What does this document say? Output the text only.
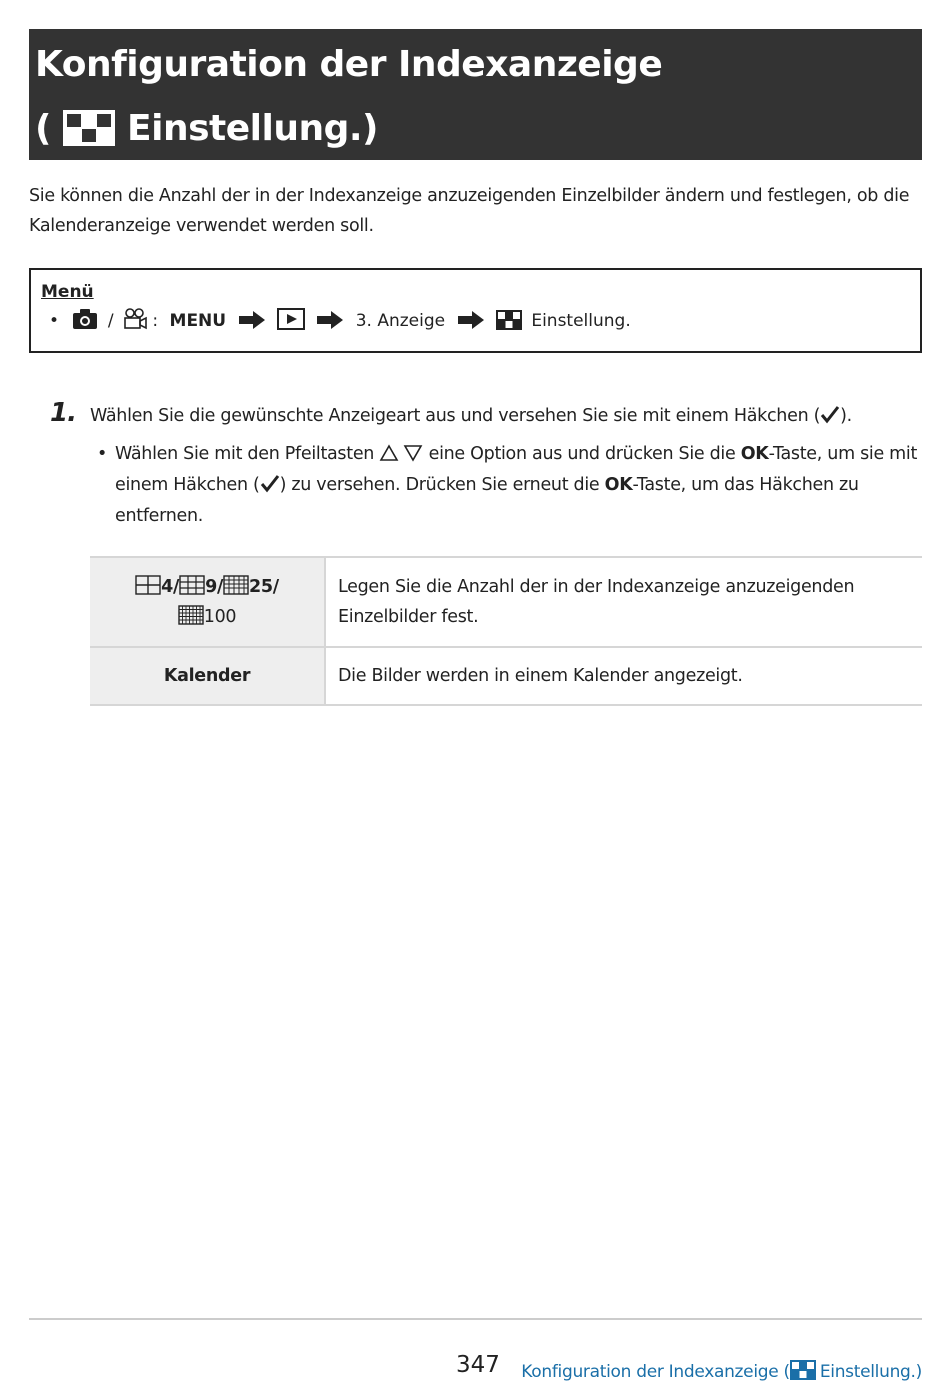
Konfiguration der Indexanzeige
( Einstellung.)
Sie können die Anzahl der in der Indexanzeige anzuzeigenden Einzelbilder ändern und festlegen, ob die Kalenderanzeige verwendet werden soll.
Menü
•	/ : MENU	3. Anzeige	Einstellung.
1. Wählen Sie die gewünschte Anzeigeart aus und versehen Sie sie mit einem Häkchen ( ).
• Wählen Sie mit den Pfeiltasten	eine Option aus und drücken Sie die OK-Taste, um sie mit einem Häkchen ( ) zu versehen. Drücken Sie erneut die OK-Taste, um das Häkchen zu entfernen.
4/ 9/ 25/
100	Legen Sie die Anzahl der in der Indexanzeige anzuzeigenden Einzelbilder fest.
Kalender	Die Bilder werden in einem Kalender angezeigt.
347 Konfiguration der Indexanzeige ( Einstellung.)
